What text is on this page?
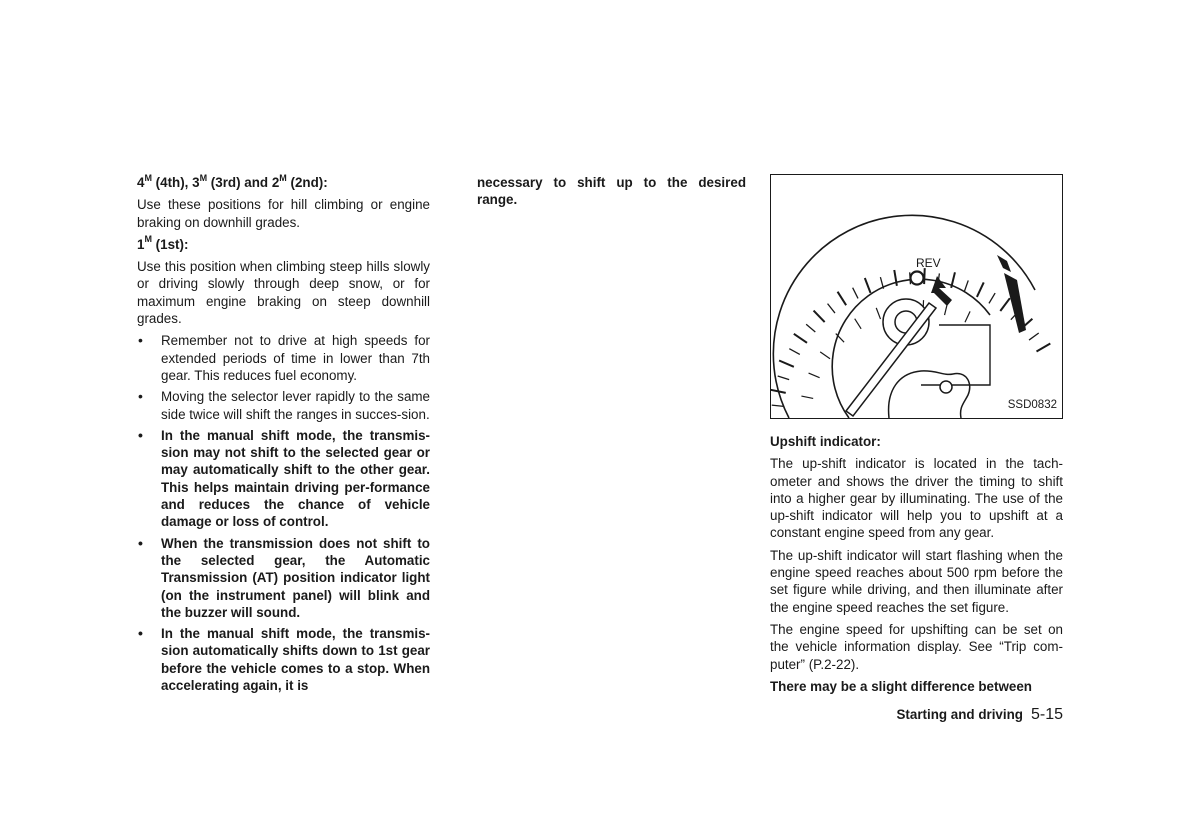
$4^M$ (4th), $3^M$ (3rd) and $2^M$ (2nd):

Use these positions for hill climbing or engine braking on downhill grades.

$1^M$ (1st):

Use this position when climbing steep hills slowly or driving slowly through deep snow, or for maximum engine braking on steep downhill grades.

• Remember not to drive at high speeds for extended periods of time in lower than 7th gear. This reduces fuel economy.
• Moving the selector lever rapidly to the same side twice will shift the ranges in succes-sion.
• In the manual shift mode, the transmis-sion may not shift to the selected gear or may automatically shift to the other gear. This helps maintain driving per-formance and reduces the chance of vehicle damage or loss of control.
• When the transmission does not shift to the selected gear, the Automatic Transmission (AT) position indicator light (on the instrument panel) will blink and the buzzer will sound.
• In the manual shift mode, the transmis-sion automatically shifts down to 1st gear before the vehicle comes to a stop. When accelerating again, it is

necessary to shift up to the desired range.

REV
SSD0832
Upshift indicator:

The up-shift indicator is located in the tach-ometer and shows the driver the timing to shift into a higher gear by illuminating. The use of the up-shift indicator will help you to upshift at a constant engine speed from any gear.

The up-shift indicator will start flashing when the engine speed reaches about 500 rpm before the set figure while driving, and then illuminate after the engine speed reaches the set figure.

The engine speed for upshifting can be set on the vehicle information display. See “Trip com-puter” (P.2-22).

There may be a slight difference between

Starting and driving 5-15
